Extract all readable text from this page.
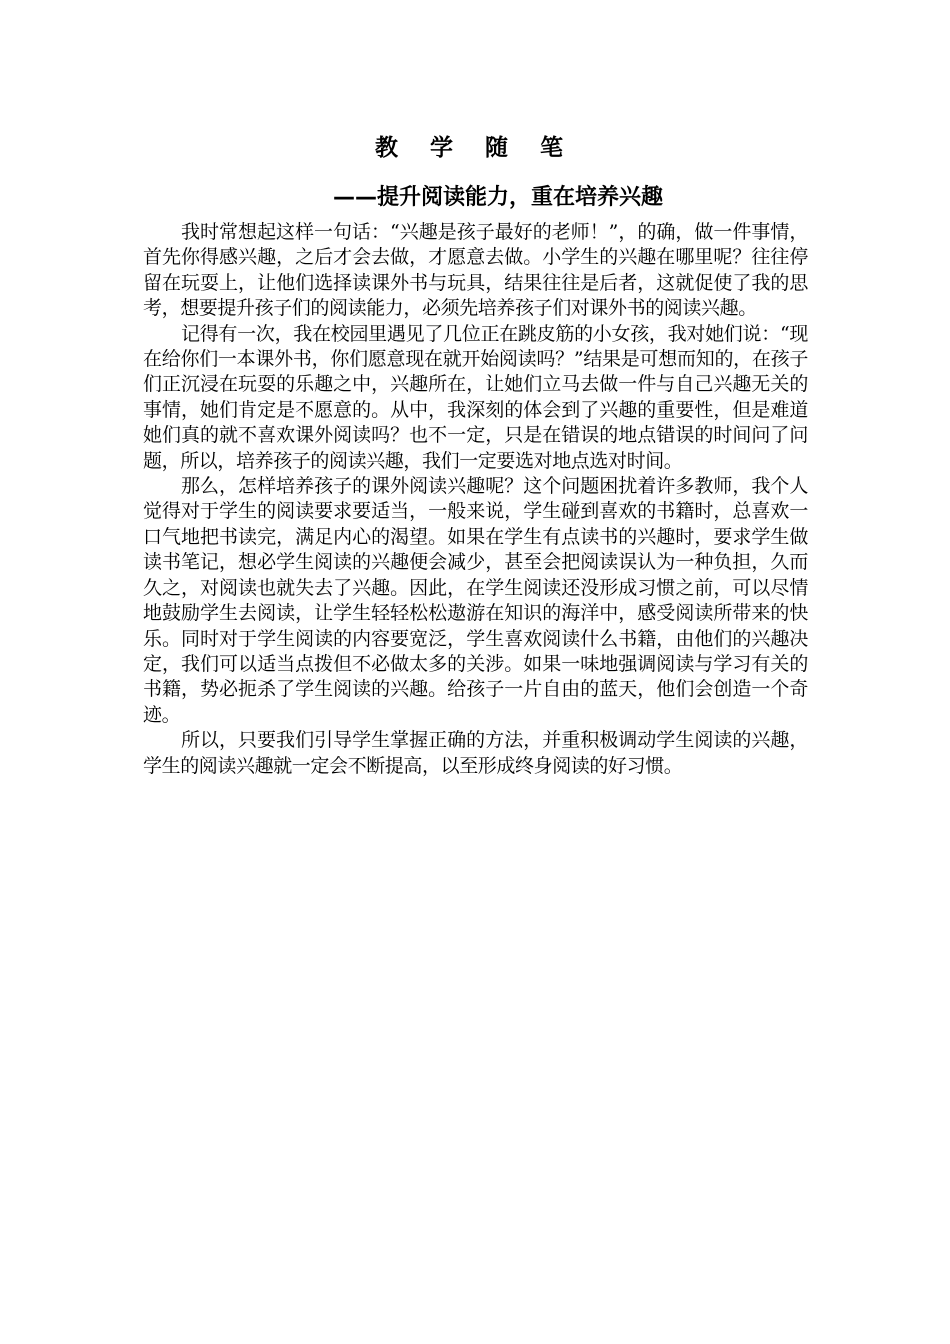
教 学 随 笔
——提升阅读能力，重在培养兴趣

我时常想起这样一句话：“兴趣是孩子最好的老师！”，的确，做一件事情，首先你得感兴趣，之后才会去做，才愿意去做。小学生的兴趣在哪里呢？往往停留在玩耍上，让他们选择读课外书与玩具，结果往往是后者，这就促使了我的思考，想要提升孩子们的阅读能力，必须先培养孩子们对课外书的阅读兴趣。

记得有一次，我在校园里遇见了几位正在跳皮筋的小女孩，我对她们说：“现在给你们一本课外书，你们愿意现在就开始阅读吗？”结果是可想而知的，在孩子们正沉浸在玩耍的乐趣之中，兴趣所在，让她们立马去做一件与自己兴趣无关的事情，她们肯定是不愿意的。从中，我深刻的体会到了兴趣的重要性，但是难道她们真的就不喜欢课外阅读吗？也不一定，只是在错误的地点错误的时间问了问题，所以，培养孩子的阅读兴趣，我们一定要选对地点选对时间。

那么，怎样培养孩子的课外阅读兴趣呢？这个问题困扰着许多教师，我个人觉得对于学生的阅读要求要适当，一般来说，学生碰到喜欢的书籍时，总喜欢一口气地把书读完，满足内心的渴望。如果在学生有点读书的兴趣时，要求学生做读书笔记，想必学生阅读的兴趣便会减少，甚至会把阅读误认为一种负担，久而久之，对阅读也就失去了兴趣。因此，在学生阅读还没形成习惯之前，可以尽情地鼓励学生去阅读，让学生轻轻松松遨游在知识的海洋中，感受阅读所带来的快乐。同时对于学生阅读的内容要宽泛，学生喜欢阅读什么书籍，由他们的兴趣决定，我们可以适当点拨但不必做太多的关涉。如果一味地强调阅读与学习有关的书籍，势必扼杀了学生阅读的兴趣。给孩子一片自由的蓝天，他们会创造一个奇迹。

所以，只要我们引导学生掌握正确的方法，并重积极调动学生阅读的兴趣，学生的阅读兴趣就一定会不断提高，以至形成终身阅读的好习惯。
